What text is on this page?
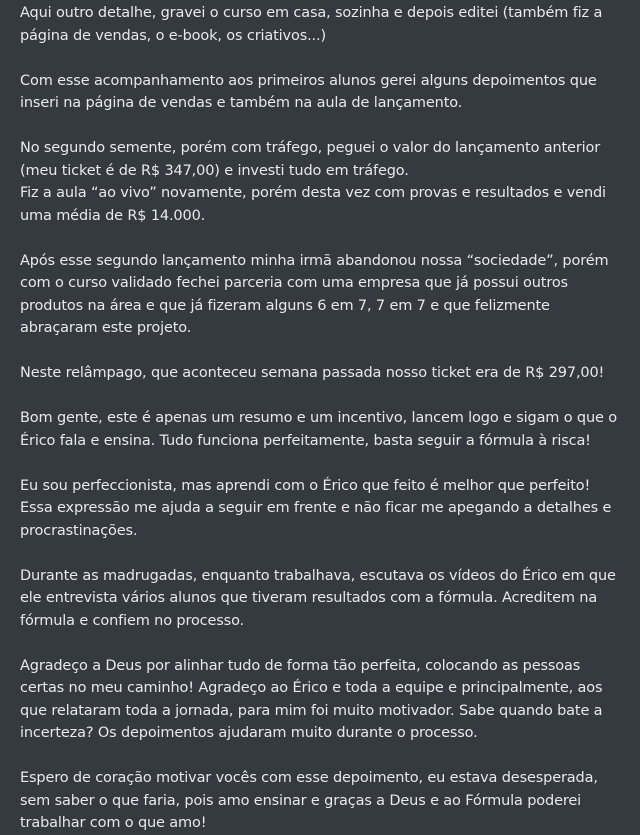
Aqui outro detalhe, gravei o curso em casa, sozinha e depois editei (também fiz a página de vendas, o e-book, os criativos...)

Com esse acompanhamento aos primeiros alunos gerei alguns depoimentos que inseri na página de vendas e também na aula de lançamento.

No segundo semente, porém com tráfego, peguei o valor do lançamento anterior (meu ticket é de R$ 347,00) e investi tudo em tráfego.
Fiz a aula “ao vivo” novamente, porém desta vez com provas e resultados e vendi uma média de R$ 14.000.

Após esse segundo lançamento minha irmã abandonou nossa “sociedade”, porém com o curso validado fechei parceria com uma empresa que já possui outros produtos na área e que já fizeram alguns 6 em 7, 7 em 7 e que felizmente abraçaram este projeto.

Neste relâmpago, que aconteceu semana passada nosso ticket era de R$ 297,00!

Bom gente, este é apenas um resumo e um incentivo, lancem logo e sigam o que o Érico fala e ensina. Tudo funciona perfeitamente, basta seguir a fórmula à risca!

Eu sou perfeccionista, mas aprendi com o Érico que feito é melhor que perfeito! Essa expressão me ajuda a seguir em frente e não ficar me apegando a detalhes e procrastinações.

Durante as madrugadas, enquanto trabalhava, escutava os vídeos do Érico em que ele entrevista vários alunos que tiveram resultados com a fórmula. Acreditem na fórmula e confiem no processo.

Agradeço a Deus por alinhar tudo de forma tão perfeita, colocando as pessoas certas no meu caminho! Agradeço ao Érico e toda a equipe e principalmente, aos que relataram toda a jornada, para mim foi muito motivador. Sabe quando bate a incerteza? Os depoimentos ajudaram muito durante o processo.

Espero de coração motivar vocês com esse depoimento, eu estava desesperada, sem saber o que faria, pois amo ensinar e graças a Deus e ao Fórmula poderei trabalhar com o que amo!
